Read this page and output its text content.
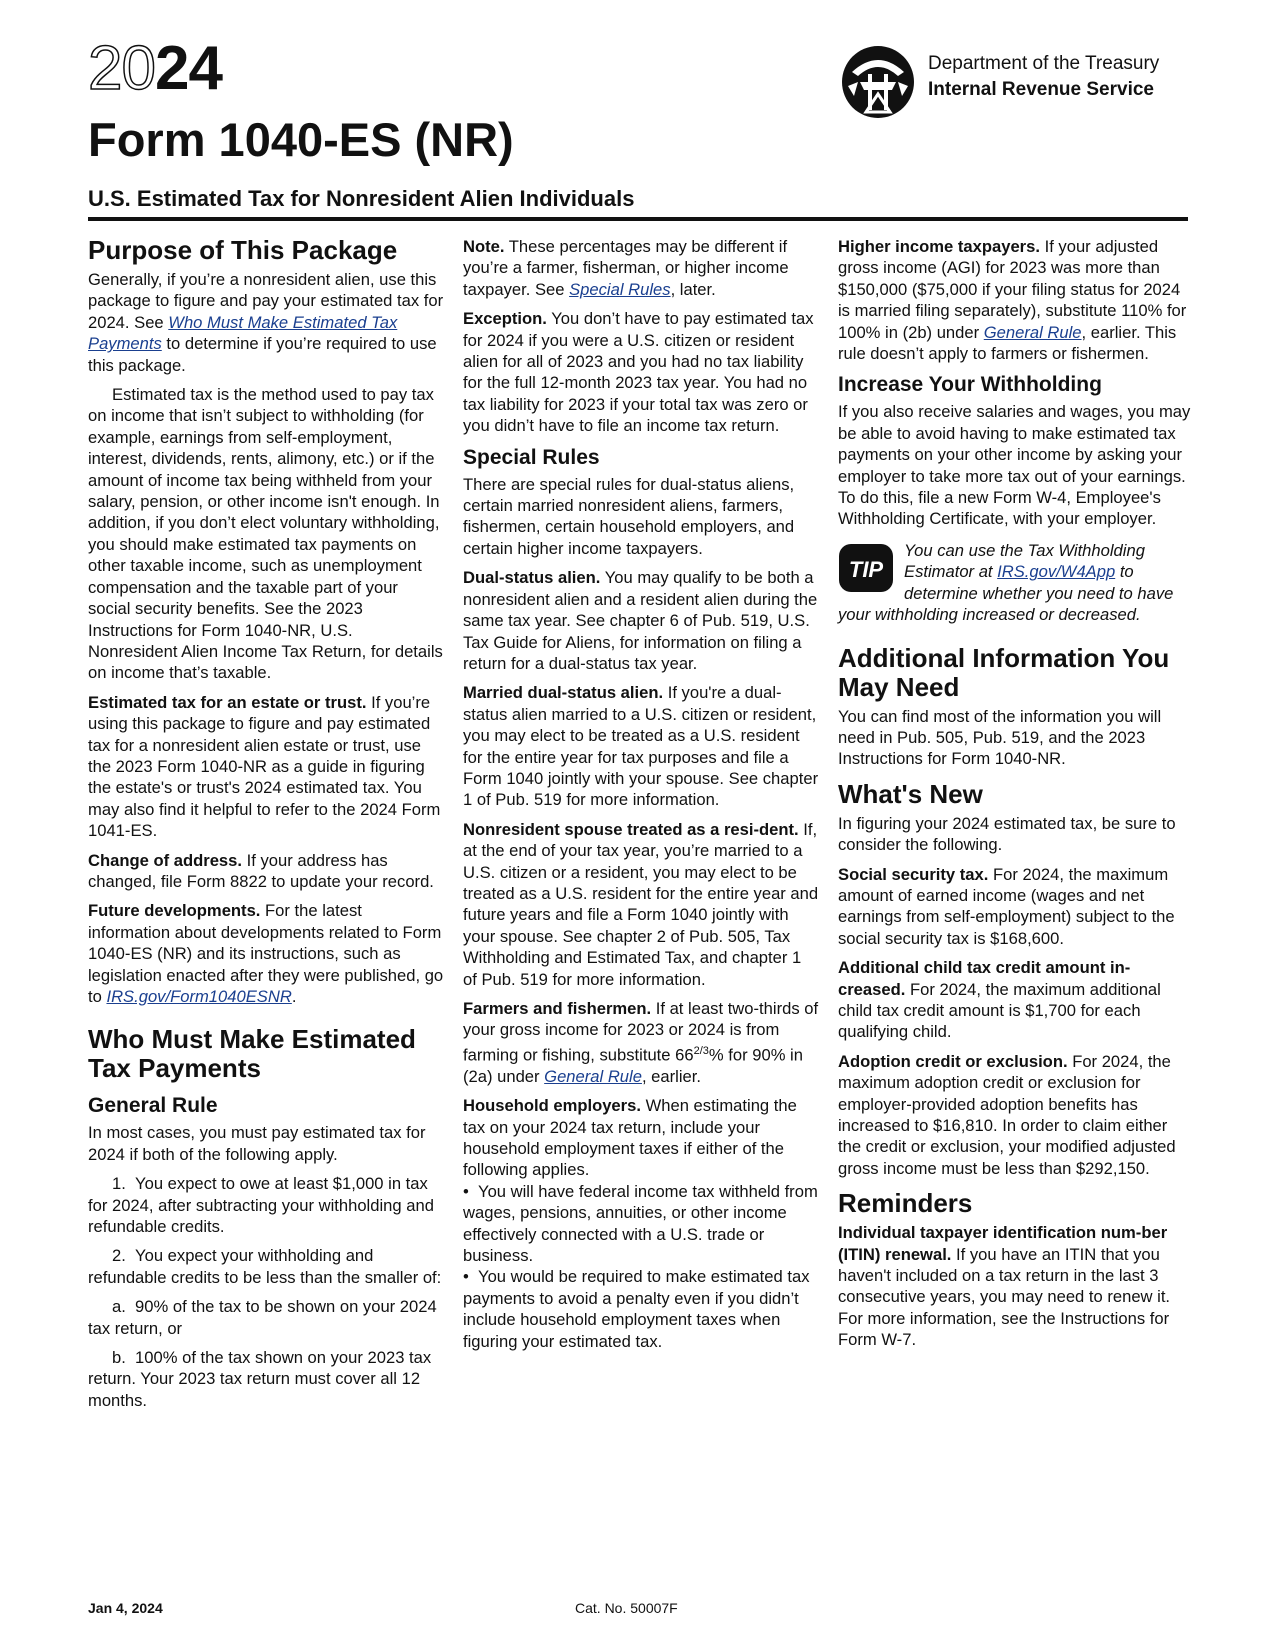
2024
Form 1040-ES (NR)
Department of the Treasury
Internal Revenue Service
U.S. Estimated Tax for Nonresident Alien Individuals
Purpose of This Package

Generally, if you’re a nonresident alien, use this package to figure and pay your estimated tax for 2024. See Who Must Make Estimated Tax Payments to determine if you’re required to use this package.

Estimated tax is the method used to pay tax on income that isn’t subject to withholding (for example, earnings from self-employment, interest, dividends, rents, alimony, etc.) or if the amount of income tax being withheld from your salary, pension, or other income isn't enough. In addition, if you don’t elect voluntary withholding, you should make estimated tax payments on other taxable income, such as unemployment compensation and the taxable part of your social security benefits. See the 2023 Instructions for Form 1040-NR, U.S. Nonresident Alien Income Tax Return, for details on income that’s taxable.

Estimated tax for an estate or trust. If you’re using this package to figure and pay estimated tax for a nonresident alien estate or trust, use the 2023 Form 1040-NR as a guide in figuring the estate's or trust's 2024 estimated tax. You may also find it helpful to refer to the 2024 Form 1041-ES.

Change of address. If your address has changed, file Form 8822 to update your record.

Future developments. For the latest information about developments related to Form 1040-ES (NR) and its instructions, such as legislation enacted after they were published, go to IRS.gov/Form1040ESNR.

Who Must Make Estimated Tax Payments
General Rule

In most cases, you must pay estimated tax for 2024 if both of the following apply.

1.  You expect to owe at least $1,000 in tax for 2024, after subtracting your withholding and refundable credits.

2.  You expect your withholding and refundable credits to be less than the smaller of:

a.  90% of the tax to be shown on your 2024 tax return, or

b.  100% of the tax shown on your 2023 tax return. Your 2023 tax return must cover all 12 months.

Note. These percentages may be different if you’re a farmer, fisherman, or higher income taxpayer. See Special Rules, later.

Exception. You don’t have to pay estimated tax for 2024 if you were a U.S. citizen or resident alien for all of 2023 and you had no tax liability for the full 12-month 2023 tax year. You had no tax liability for 2023 if your total tax was zero or you didn’t have to file an income tax return.

Special Rules

There are special rules for dual-status aliens, certain married nonresident aliens, farmers, fishermen, certain household employers, and certain higher income taxpayers.

Dual-status alien. You may qualify to be both a nonresident alien and a resident alien during the same tax year. See chapter 6 of Pub. 519, U.S. Tax Guide for Aliens, for information on filing a return for a dual-status tax year.

Married dual-status alien. If you're a dual-status alien married to a U.S. citizen or resident, you may elect to be treated as a U.S. resident for the entire year for tax purposes and file a Form 1040 jointly with your spouse. See chapter 1 of Pub. 519 for more information.

Nonresident spouse treated as a resi-dent. If, at the end of your tax year, you’re married to a U.S. citizen or a resident, you may elect to be treated as a U.S. resident for the entire year and future years and file a Form 1040 jointly with your spouse. See chapter 2 of Pub. 505, Tax Withholding and Estimated Tax, and chapter 1 of Pub. 519 for more information.

Farmers and fishermen. If at least two-thirds of your gross income for 2023 or 2024 is from farming or fishing, substitute $66^{2/3}\%$ for 90% in (2a) under General Rule, earlier.

Household employers. When estimating the tax on your 2024 tax return, include your household employment taxes if either of the following applies.

•  You will have federal income tax withheld from wages, pensions, annuities, or other income effectively connected with a U.S. trade or business.

•  You would be required to make estimated tax payments to avoid a penalty even if you didn’t include household employment taxes when figuring your estimated tax.

Higher income taxpayers. If your adjusted gross income (AGI) for 2023 was more than $150,000 ($75,000 if your filing status for 2024 is married filing separately), substitute 110% for 100% in (2b) under General Rule, earlier. This rule doesn’t apply to farmers or fishermen.

Increase Your Withholding

If you also receive salaries and wages, you may be able to avoid having to make estimated tax payments on your other income by asking your employer to take more tax out of your earnings. To do this, file a new Form W-4, Employee's Withholding Certificate, with your employer.

TIP
You can use the Tax Withholding Estimator at IRS.gov/W4App to determine whether you need to have your withholding increased or decreased.
Additional Information You May Need

You can find most of the information you will need in Pub. 505, Pub. 519, and the 2023 Instructions for Form 1040-NR.

What's New

In figuring your 2024 estimated tax, be sure to consider the following.

Social security tax. For 2024, the maximum amount of earned income (wages and net earnings from self-employment) subject to the social security tax is $168,600.

Additional child tax credit amount in-creased. For 2024, the maximum additional child tax credit amount is $1,700 for each qualifying child.

Adoption credit or exclusion. For 2024, the maximum adoption credit or exclusion for employer-provided adoption benefits has increased to $16,810. In order to claim either the credit or exclusion, your modified adjusted gross income must be less than $292,150.

Reminders

Individual taxpayer identification num-ber (ITIN) renewal. If you have an ITIN that you haven't included on a tax return in the last 3 consecutive years, you may need to renew it. For more information, see the Instructions for Form W-7.

Jan 4, 2024	Cat. No. 50007F
